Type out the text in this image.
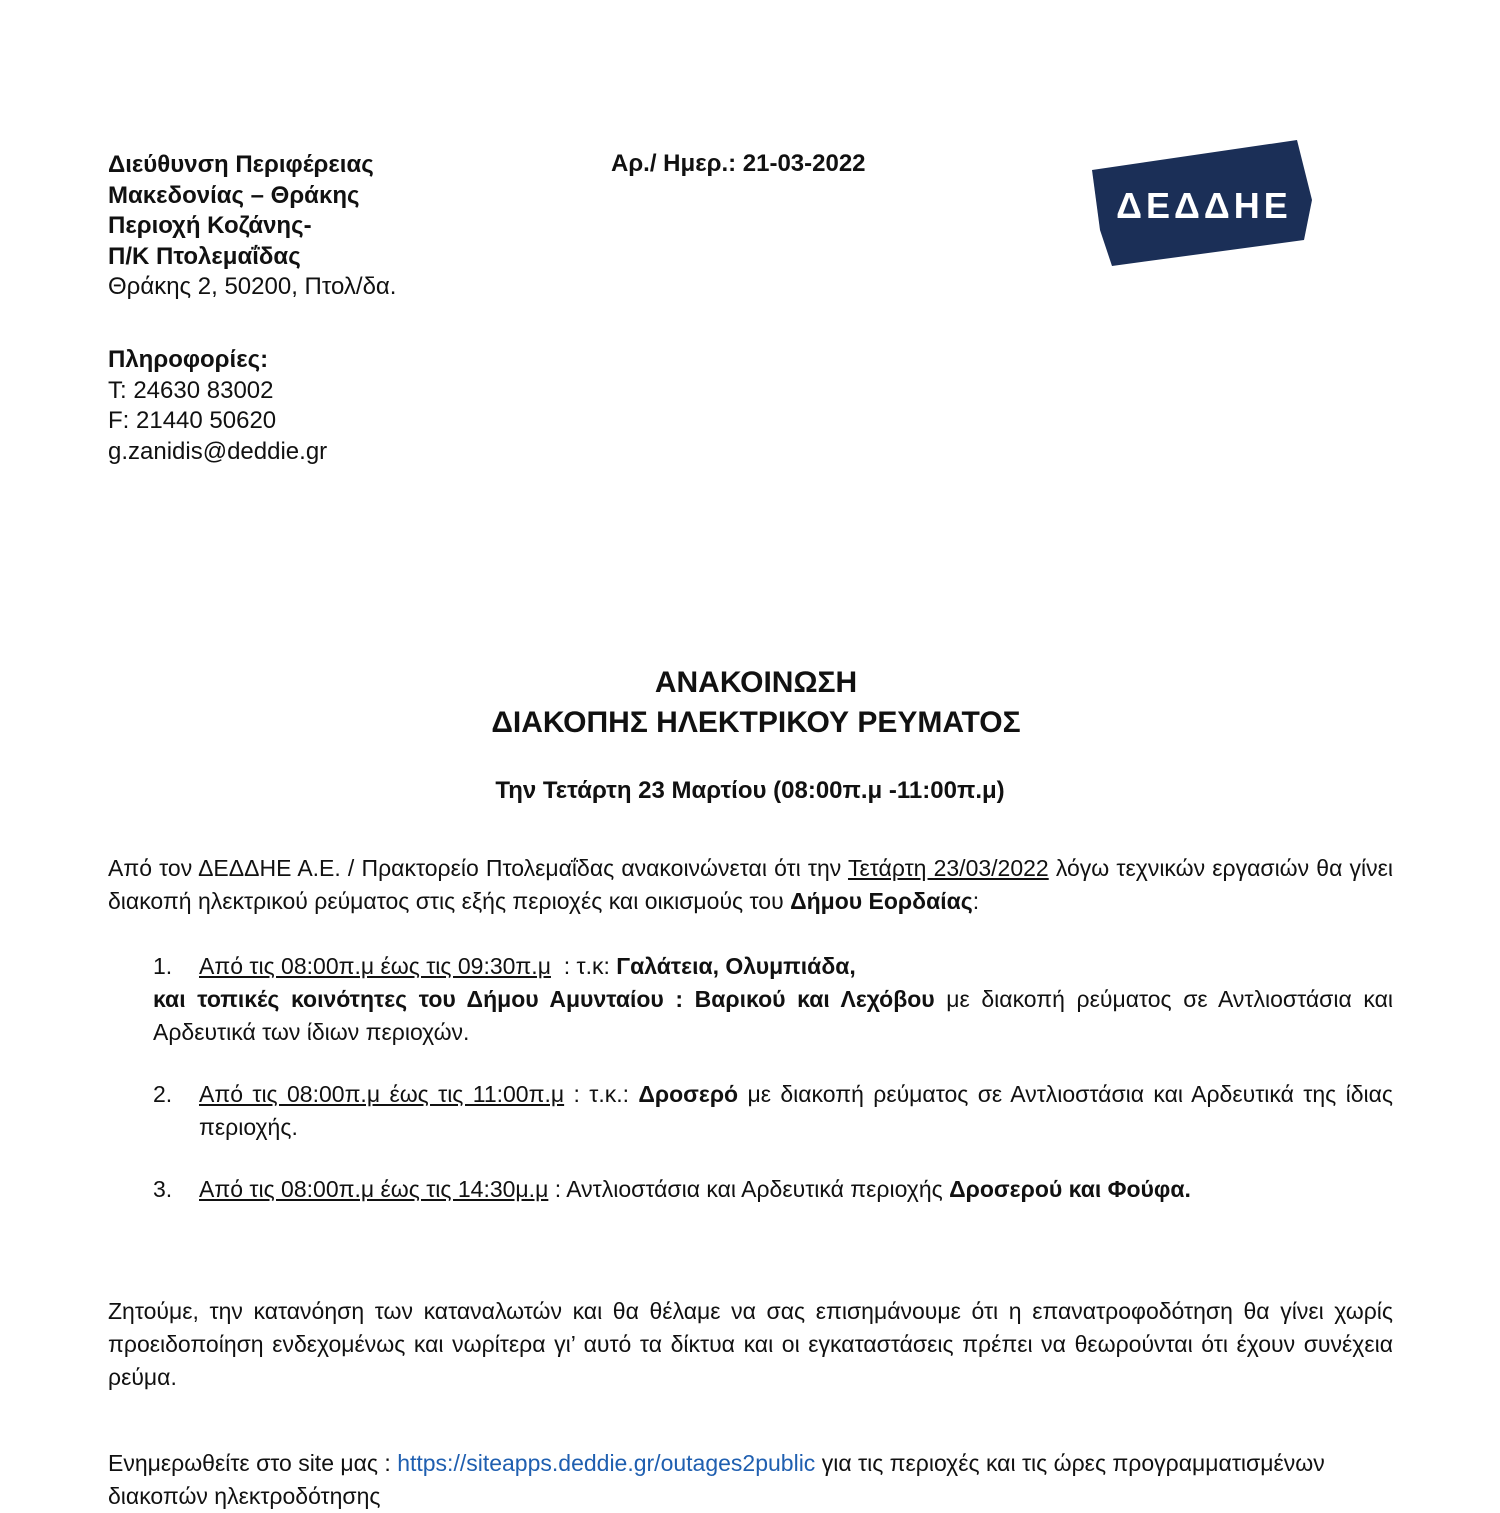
Διεύθυνση Περιφέρειας
Μακεδονίας – Θράκης
Περιοχή Κοζάνης-
Π/Κ Πτολεμαΐδας
Θράκης 2, 50200, Πτολ/δα.
Αρ./ Ημερ.: 21-03-2022
ΔΕΔΔΗΕ
Πληροφορίες:
T: 24630 83002
F: 21440 50620
g.zanidis@deddie.gr
ΑΝΑΚΟΙΝΩΣΗ
ΔΙΑΚΟΠΗΣ ΗΛΕΚΤΡΙΚΟΥ ΡΕΥΜΑΤΟΣ
Την Τετάρτη 23 Μαρτίου (08:00π.μ -11:00π.μ)
Από τον ΔΕΔΔΗΕ Α.Ε. / Πρακτορείο Πτολεμαΐδας ανακοινώνεται ότι την Τετάρτη 23/03/2022 λόγω τεχνικών εργασιών θα γίνει διακοπή ηλεκτρικού ρεύματος στις εξής περιοχές και οικισμούς του Δήμου Εορδαίας:
1. Από τις 08:00π.μ έως τις 09:30π.μ  : τ.κ: Γαλάτεια, Ολυμπιάδα,
και τοπικές κοινότητες του Δήμου Αμυνταίου : Βαρικού και Λεχόβου με διακοπή ρεύματος σε Αντλιοστάσια και Αρδευτικά των ίδιων περιοχών.
2. Από τις 08:00π.μ έως τις 11:00π.μ : τ.κ.: Δροσερό με διακοπή ρεύματος σε Αντλιοστάσια και Αρδευτικά της ίδιας περιοχής.
3. Από τις 08:00π.μ έως τις 14:30μ.μ : Αντλιοστάσια και Αρδευτικά περιοχής Δροσερού και Φούφα.
Ζητούμε, την κατανόηση των καταναλωτών και θα θέλαμε να σας επισημάνουμε ότι η επανατροφοδότηση θα γίνει χωρίς προειδοποίηση ενδεχομένως και νωρίτερα γι’ αυτό τα δίκτυα και οι εγκαταστάσεις πρέπει να θεωρούνται ότι έχουν συνέχεια ρεύμα.
Ενημερωθείτε στο site μας : https://siteapps.deddie.gr/outages2public για τις περιοχές και τις ώρες προγραμματισμένων διακοπών ηλεκτροδότησης
